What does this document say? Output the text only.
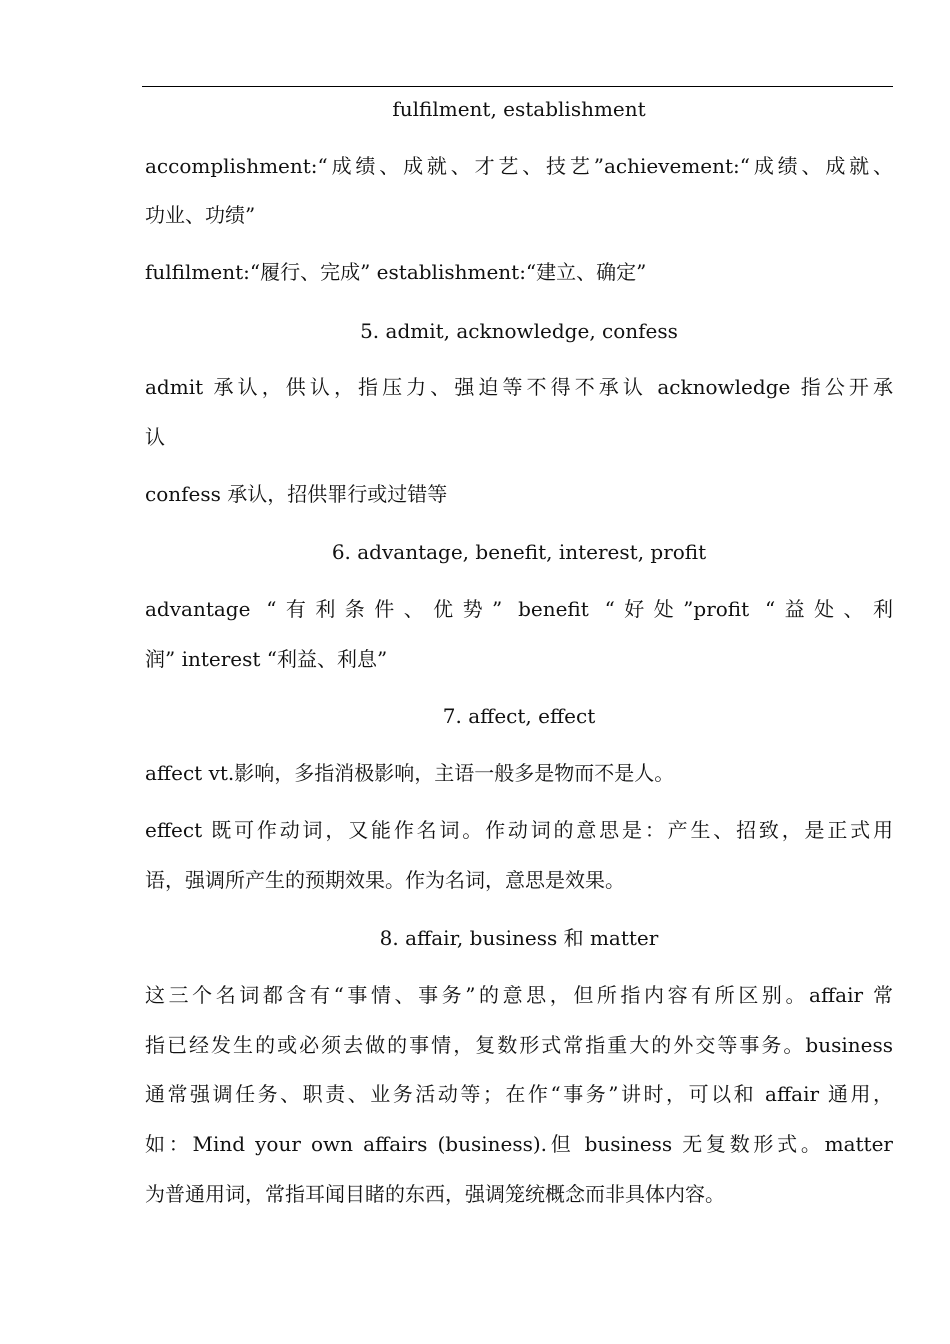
fulfilment, establishment
accomplishment:“成绩、成就、才艺、技艺”achievement:“成绩、成就、
功业、功绩”
fulfilment:“履行、完成” establishment:“建立、确定”
5. admit, acknowledge, confess
admit 承认，供认，指压力、强迫等不得不承认 acknowledge 指公开承
认
confess 承认，招供罪行或过错等
6. advantage, benefit, interest, profit
advantage “有利条件、优势” benefit “好处”profit “益处、利
润” interest “利益、利息”
7. affect, effect
affect vt.影响，多指消极影响，主语一般多是物而不是人。
effect 既可作动词，又能作名词。作动词的意思是：产生、招致，是正式用
语，强调所产生的预期效果。作为名词，意思是效果。
8. affair, business 和 matter
这三个名词都含有“事情、事务”的意思，但所指内容有所区别。affair 常
指已经发生的或必须去做的事情，复数形式常指重大的外交等事务。business
通常强调任务、职责、业务活动等；在作“事务”讲时，可以和 affair 通用，
如：Mind your own affairs (business).但 business 无复数形式。matter
为普通用词，常指耳闻目睹的东西，强调笼统概念而非具体内容。
